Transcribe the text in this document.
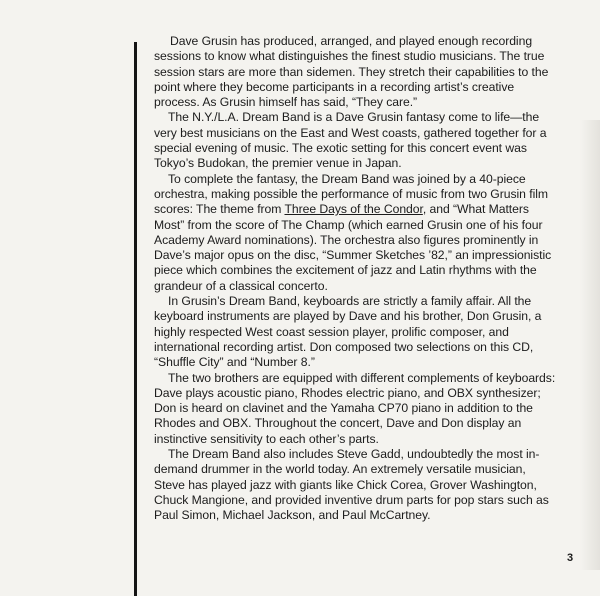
Dave Grusin has produced, arranged, and played enough recording sessions to know what distinguishes the finest studio musicians. The true session stars are more than sidemen. They stretch their capabilities to the point where they become participants in a recording artist’s creative process. As Grusin himself has said, “They care.”

The N.Y./L.A. Dream Band is a Dave Grusin fantasy come to life—the very best musicians on the East and West coasts, gathered together for a special evening of music. The exotic setting for this concert event was Tokyo’s Budokan, the premier venue in Japan.

To complete the fantasy, the Dream Band was joined by a 40-piece orchestra, making possible the performance of music from two Grusin film scores: The theme from Three Days of the Condor, and “What Matters Most” from the score of The Champ (which earned Grusin one of his four Academy Award nominations). The orchestra also figures prominently in Dave’s major opus on the disc, “Summer Sketches ’82,” an impressionistic piece which combines the excitement of jazz and Latin rhythms with the grandeur of a classical concerto.

In Grusin’s Dream Band, keyboards are strictly a family affair. All the keyboard instruments are played by Dave and his brother, Don Grusin, a highly respected West coast session player, prolific composer, and international recording artist. Don composed two selections on this CD, “Shuffle City” and “Number 8.”

The two brothers are equipped with different complements of keyboards: Dave plays acoustic piano, Rhodes electric piano, and OBX synthesizer; Don is heard on clavinet and the Yamaha CP70 piano in addition to the Rhodes and OBX. Throughout the concert, Dave and Don display an instinctive sensitivity to each other’s parts.

The Dream Band also includes Steve Gadd, undoubtedly the most in-demand drummer in the world today. An extremely versatile musician, Steve has played jazz with giants like Chick Corea, Grover Washington, Chuck Mangione, and provided inventive drum parts for pop stars such as Paul Simon, Michael Jackson, and Paul McCartney.

3
